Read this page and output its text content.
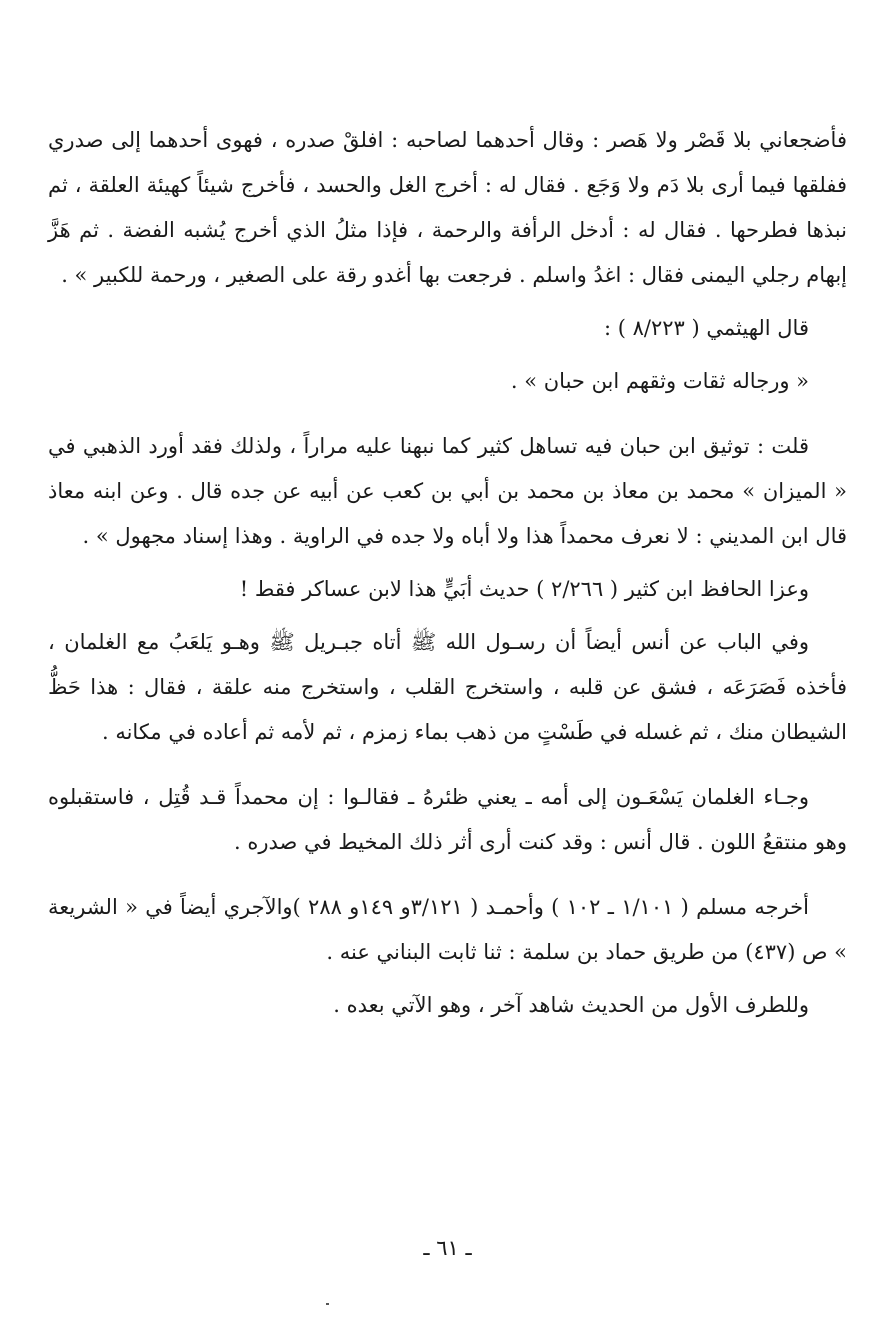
فأضجعاني بلا قَصْر ولا هَصر : وقال أحدهما لصاحبه : افلقْ صدره ، فهوى أحدهما إلى صدري ففلقها فيما أرى بلا دَم ولا وَجَع . فقال له : أخرج الغل والحسد ، فأخرج شيئاً كهيئة العلقة ، ثم نبذها فطرحها . فقال له : أدخل الرأفة والرحمة ، فإذا مثلُ الذي أخرج يُشبه الفضة . ثم هَزَّ إبهام رجلي اليمنى فقال : اغدُ واسلم . فرجعت بها أغدو رقة على الصغير ، ورحمة للكبير » .

قال الهيثمي ( ٨/٢٢٣ ) :

« ورجاله ثقات وثقهم ابن حبان » .

قلت : توثيق ابن حبان فيه تساهل كثير كما نبهنا عليه مراراً ، ولذلك فقد أورد الذهبي في « الميزان » محمد بن معاذ بن محمد بن أبي بن كعب عن أبيه عن جده قال . وعن ابنه معاذ قال ابن المديني : لا نعرف محمداً هذا ولا أباه ولا جده في الراوية . وهذا إسناد مجهول » .

وعزا الحافظ ابن كثير ( ٢/٢٦٦ ) حديث أبَيٍّ هذا لابن عساكر فقط !

وفي الباب عن أنس أيضاً أن رسـول الله ﷺ أتاه جبـريل ﷺ وهـو يَلعَبُ مع الغلمان ، فأخذه فَصَرَعَه ، فشق عن قلبه ، واستخرج القلب ، واستخرج منه علقة ، فقال : هذا حَظُّ الشيطان منك ، ثم غسله في طَسْتٍ من ذهب بماء زمزم ، ثم لأمه ثم أعاده في مكانه .

وجـاء الغلمان يَسْعَـون إلى أمه ـ يعني ظئرهُ ـ فقالـوا : إن محمداً قـد قُتِل ، فاستقبلوه وهو منتقعُ اللون . قال أنس : وقد كنت أرى أثر ذلك المخيط في صدره .

أخرجه مسلم ( ١/١٠١ ـ ١٠٢ ) وأحمـد ( ٣/١٢١و ١٤٩و ٢٨٨ )والآجري أيضاً في « الشريعة » ص (٤٣٧) من طريق حماد بن سلمة : ثنا ثابت البناني عنه .

وللطرف الأول من الحديث شاهد آخر ، وهو الآتي بعده .

ـ ٦١ ـ
